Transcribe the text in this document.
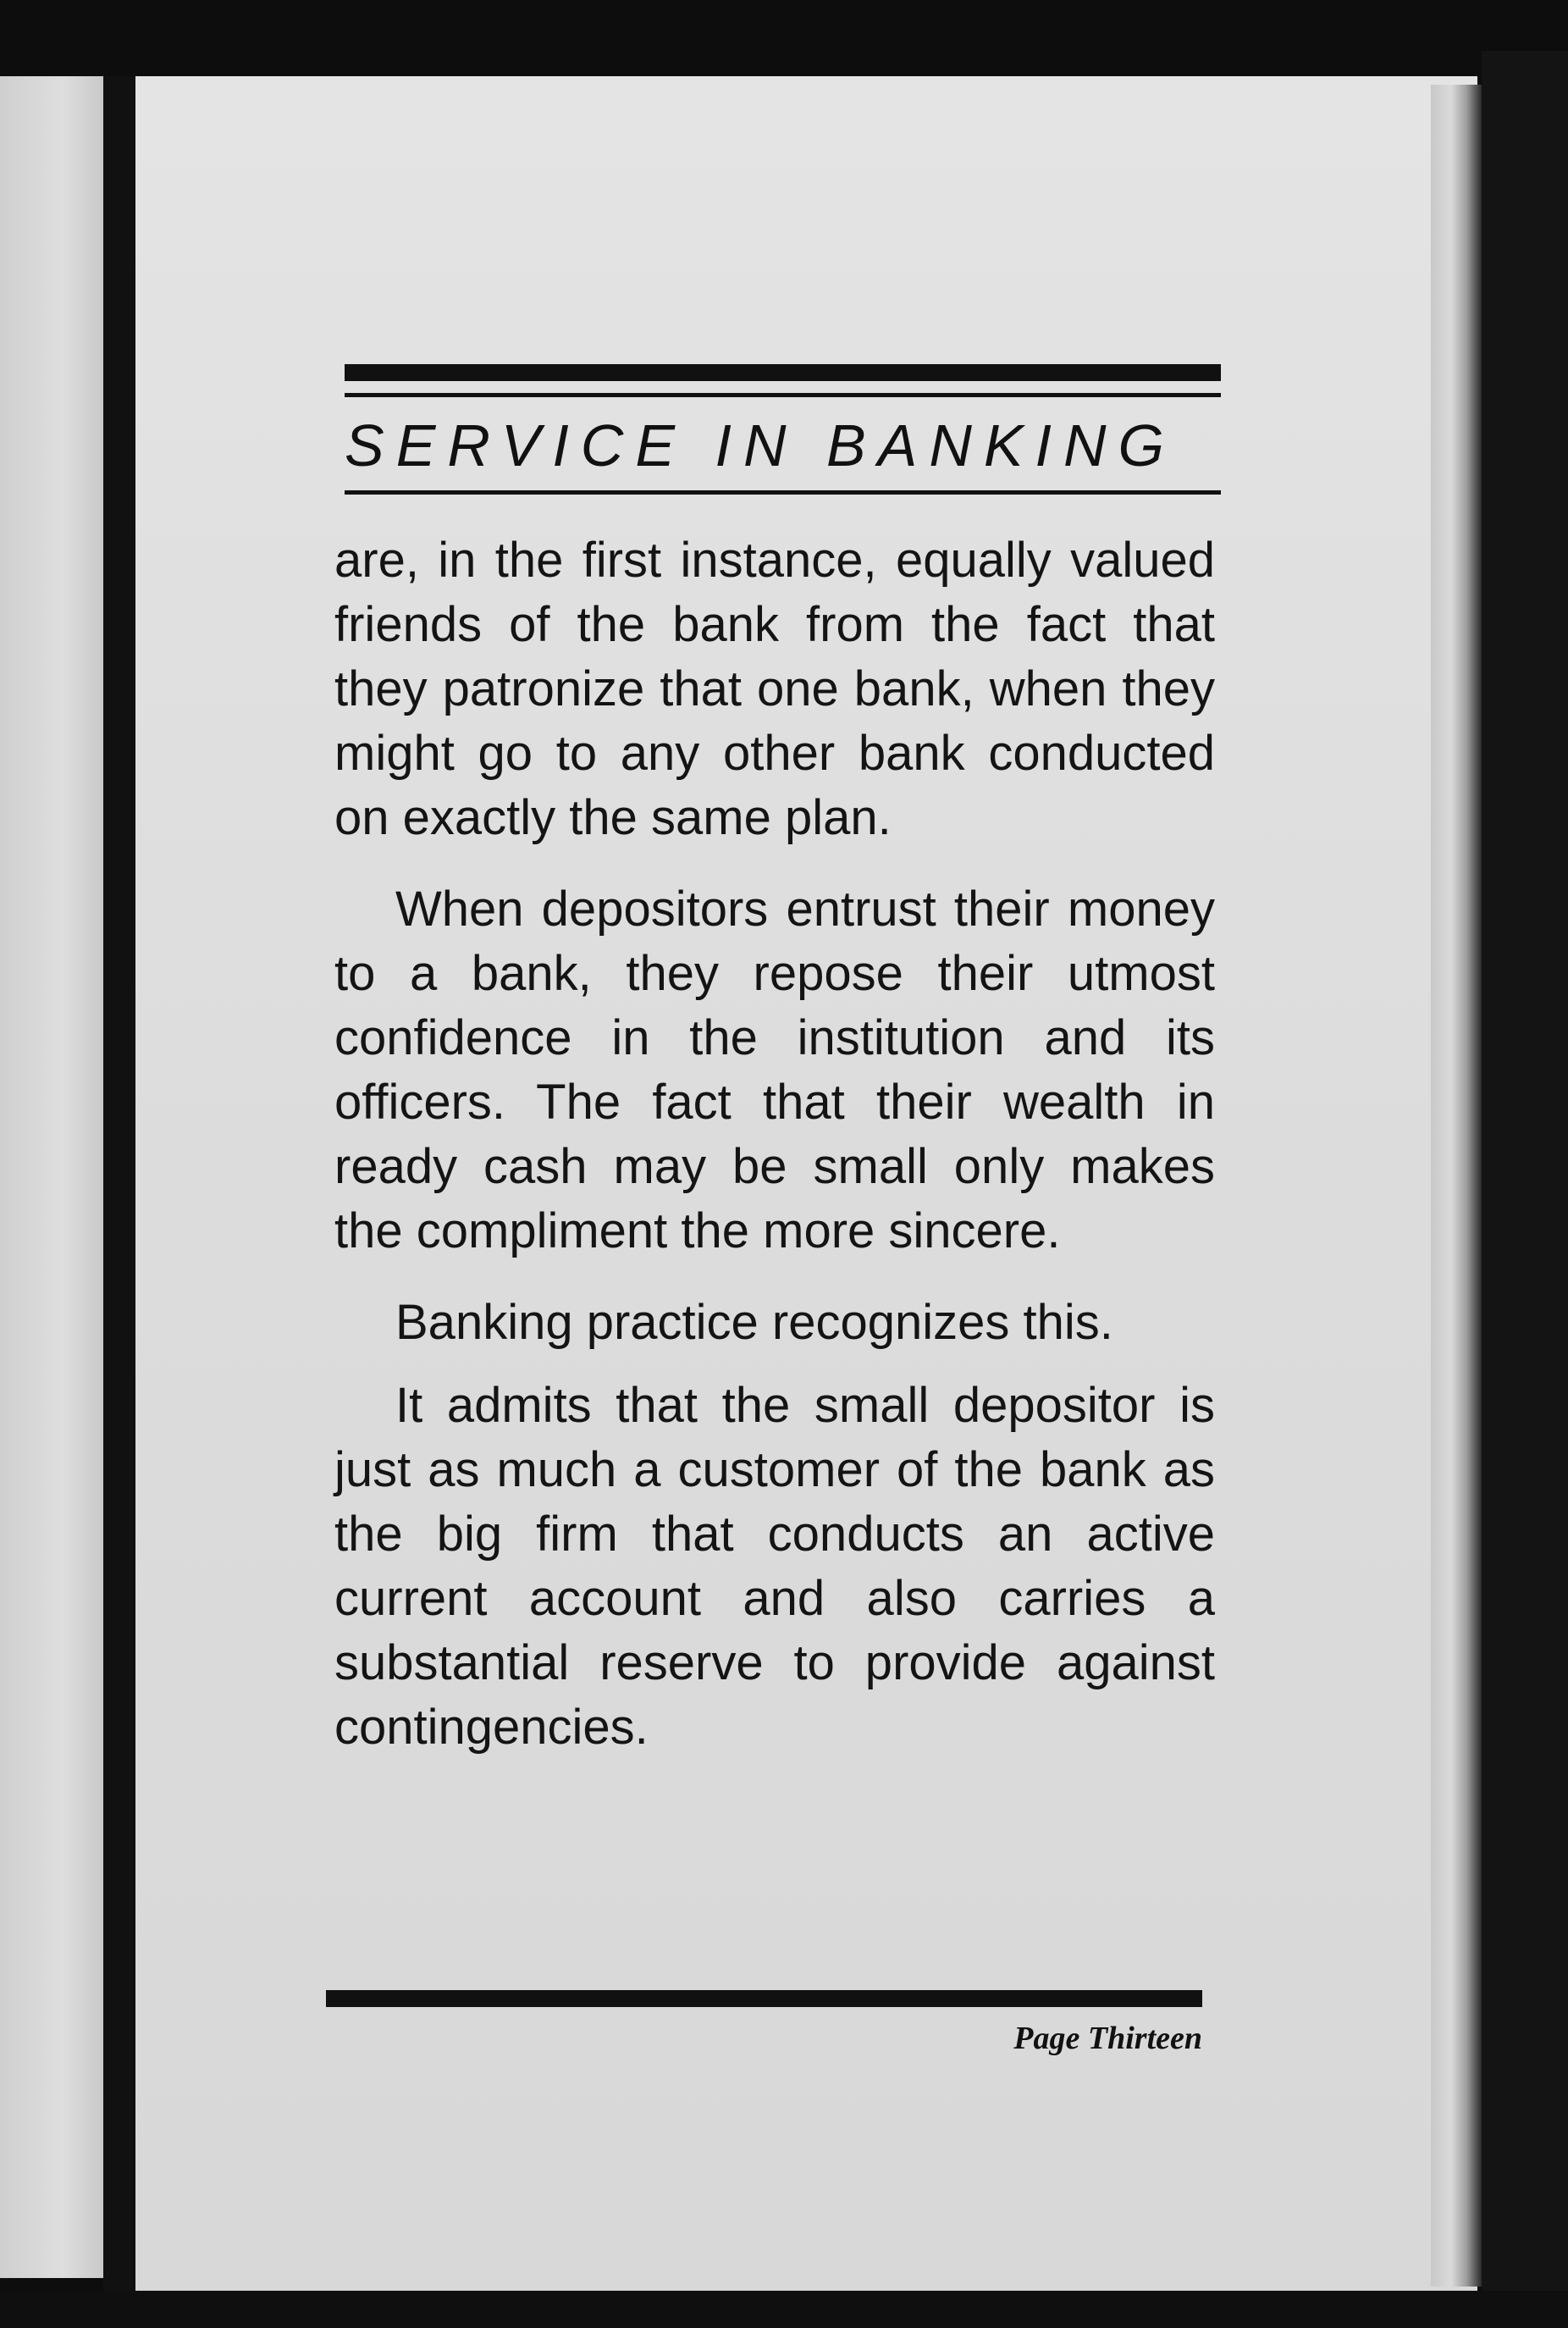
SERVICE IN BANKING

are, in the first instance, equally valued friends of the bank from the fact that they patronize that one bank, when they might go to any other bank conducted on exactly the same plan.

When depositors entrust their money to a bank, they repose their utmost confidence in the institution and its officers. The fact that their wealth in ready cash may be small only makes the compliment the more sincere.

Banking practice recognizes this.

It admits that the small depositor is just as much a customer of the bank as the big firm that conducts an active current account and also carries a substantial reserve to provide against contingencies.

Page Thirteen
